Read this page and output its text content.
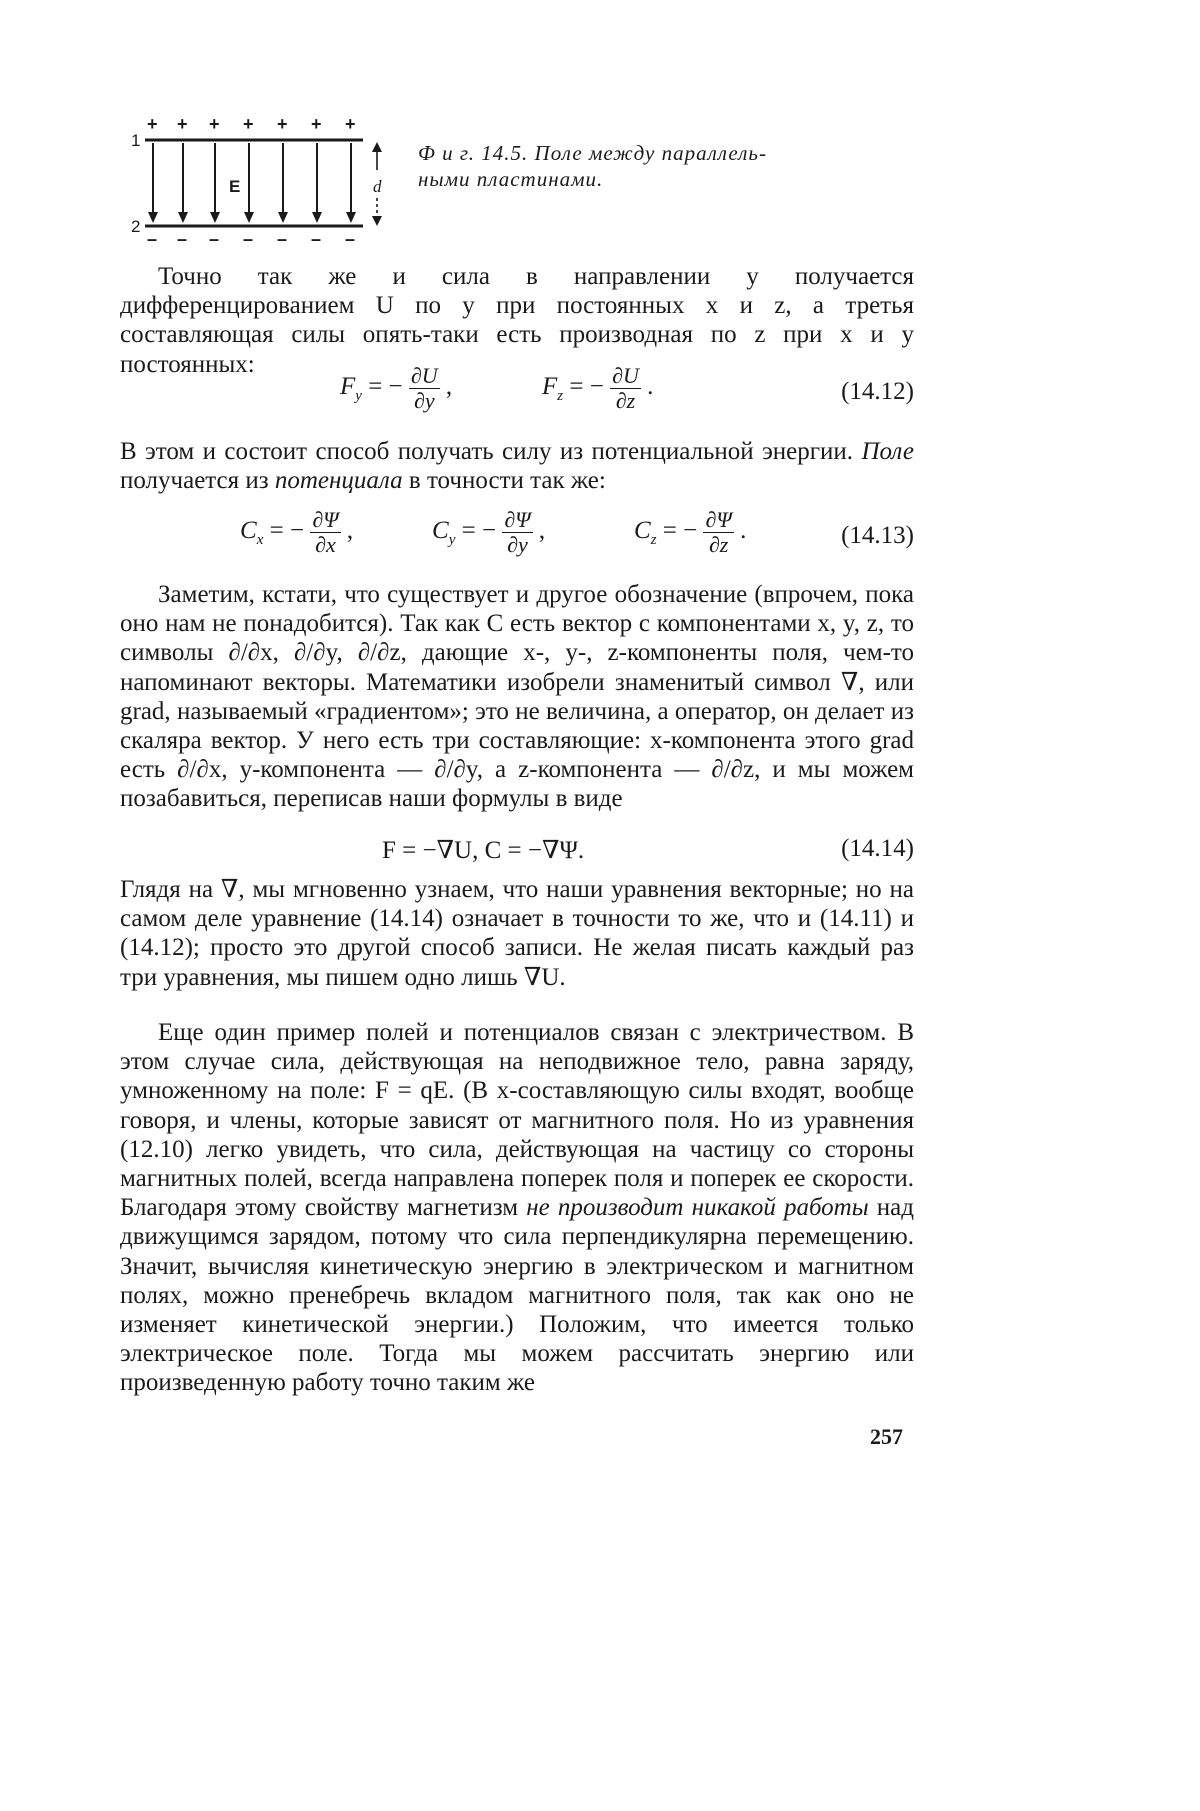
+
–
+
–
+
–
+
–
+
–
+
–
+
–
1
2
E	d
Ф и г. 14.5. Поле между параллель-ными пластинами.

Точно так же и сила в направлении y получается дифференцированием U по y при постоянных x и z, а третья составляющая силы опять-таки есть производная по z при x и y постоянных:

$F_y$ = − $\frac{\partial U}{\partial y}$ ,	$F_z$ = − $\frac{\partial U}{\partial z}$ .	(14.12)

В этом и состоит способ получать силу из потенциальной энергии. Поле получается из потенциала в точности так же:

$C_x$ = − $\frac{\partial\Psi}{\partial x}$ ,	$C_y$ = − $\frac{\partial\Psi}{\partial y}$ ,	$C_z$ = − $\frac{\partial\Psi}{\partial z}$ .	(14.13)

Заметим, кстати, что существует и другое обозначение (впрочем, пока оно нам не понадобится). Так как C есть вектор с компонентами x, y, z, то символы ∂/∂x, ∂/∂y, ∂/∂z, дающие x-, y-, z-компоненты поля, чем-то напоминают векторы. Математики изобрели знаменитый символ ∇, или grad, называемый «градиентом»; это не величина, а оператор, он делает из скаляра вектор. У него есть три составляющие: x-компонента этого grad есть ∂/∂x, y-компонента — ∂/∂y, а z-компонента — ∂/∂z, и мы можем позабавиться, переписав наши формулы в виде

F = −∇U, C = −∇Ψ.	(14.14)

Глядя на ∇, мы мгновенно узнаем, что наши уравнения векторные; но на самом деле уравнение (14.14) означает в точности то же, что и (14.11) и (14.12); просто это другой способ записи. Не желая писать каждый раз три уравнения, мы пишем одно лишь ∇U.

Еще один пример полей и потенциалов связан с электричеством. В этом случае сила, действующая на неподвижное тело, равна заряду, умноженному на поле: F = qE. (В x-составляющую силы входят, вообще говоря, и члены, которые зависят от магнитного поля. Но из уравнения (12.10) легко увидеть, что сила, действующая на частицу со стороны магнитных полей, всегда направлена поперек поля и поперек ее скорости. Благодаря этому свойству магнетизм не производит никакой работы над движущимся зарядом, потому что сила перпендикулярна перемещению. Значит, вычисляя кинетическую энергию в электрическом и магнитном полях, можно пренебречь вкладом магнитного поля, так как оно не изменяет кинетической энергии.) Положим, что имеется только электрическое поле. Тогда мы можем рассчитать энергию или произведенную работу точно таким же

257
